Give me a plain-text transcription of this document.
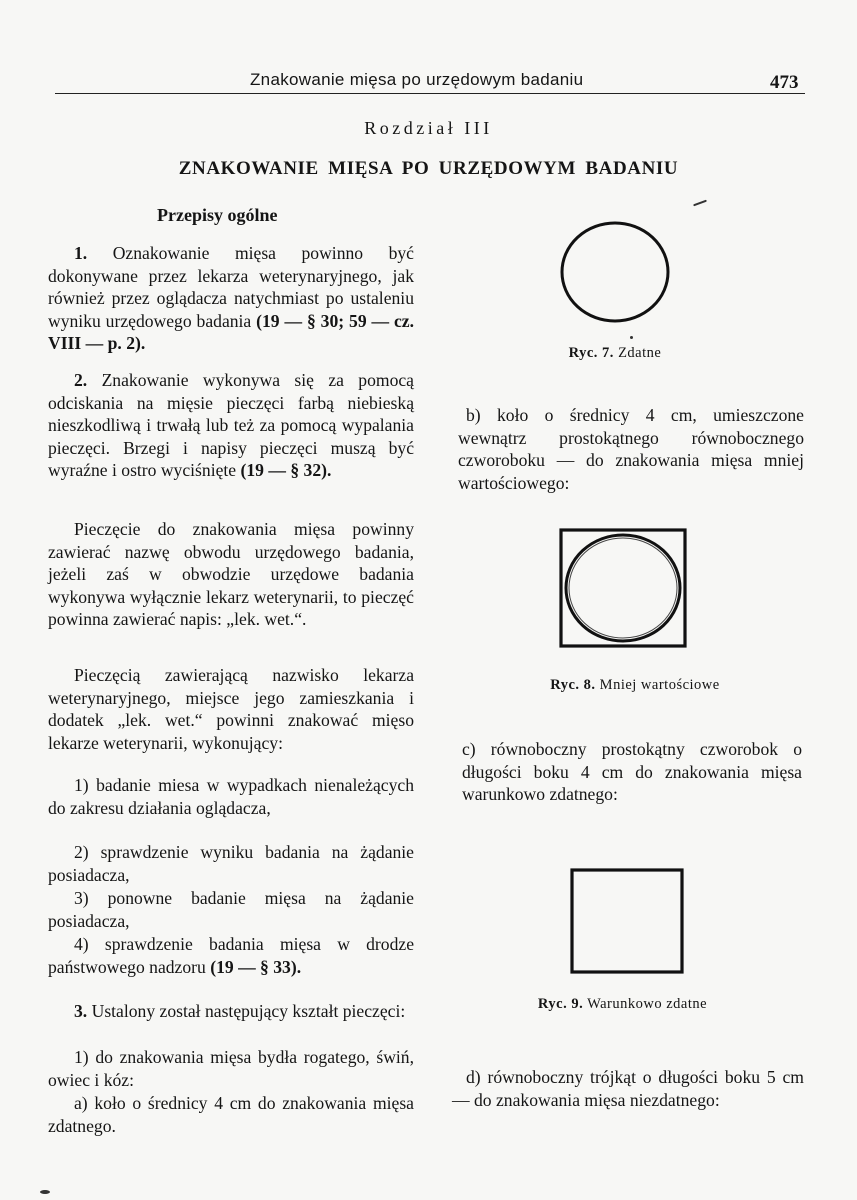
Znakowanie mięsa po urzędowym badaniu	473
Rozdział III
ZNAKOWANIE MIĘSA PO URZĘDOWYM BADANIU
Przepisy ogólne
1. Oznakowanie mięsa powinno być dokonywane przez lekarza weterynaryjnego, jak również przez oglądacza natychmiast po ustaleniu wyniku urzędowego badania (19 — § 30; 59 — cz. VIII — p. 2).
2. Znakowanie wykonywa się za pomocą odciskania na mięsie pieczęci farbą niebieską nieszkodliwą i trwałą lub też za pomocą wypalania pieczęci. Brzegi i napisy pieczęci muszą być wyraźne i ostro wyciśnięte (19 — § 32).
Pieczęcie do znakowania mięsa powinny zawierać nazwę obwodu urzędowego badania, jeżeli zaś w obwodzie urzędowe badania wykonywa wyłącznie lekarz weterynarii, to pieczęć powinna zawierać napis: „lek. wet.“.
Pieczęcią zawierającą nazwisko lekarza weterynaryjnego, miejsce jego zamieszkania i dodatek „lek. wet.“ powinni znakować mięso lekarze weterynarii, wykonujący:
1) badanie miesa w wypadkach nienależących do zakresu działania oglądacza,
2) sprawdzenie wyniku badania na żądanie posiadacza,
3) ponowne badanie mięsa na żądanie posiadacza,
4) sprawdzenie badania mięsa w drodze państwowego nadzoru (19 — § 33).
3. Ustalony został następujący kształt pieczęci:
1) do znakowania mięsa bydła rogatego, świń, owiec i kóz:
a) koło o średnicy 4 cm do znakowania mięsa zdatnego.
Ryc. 7. Zdatne
b) koło o średnicy 4 cm, umieszczone wewnątrz prostokątnego równobocznego czworoboku — do znakowania mięsa mniej wartościowego:
Ryc. 8. Mniej wartościowe
c) równoboczny prostokątny czworobok o długości boku 4 cm do znakowania mięsa warunkowo zdatnego:
Ryc. 9. Warunkowo zdatne
d) równoboczny trójkąt o długości boku 5 cm — do znakowania mięsa niezdatnego:
